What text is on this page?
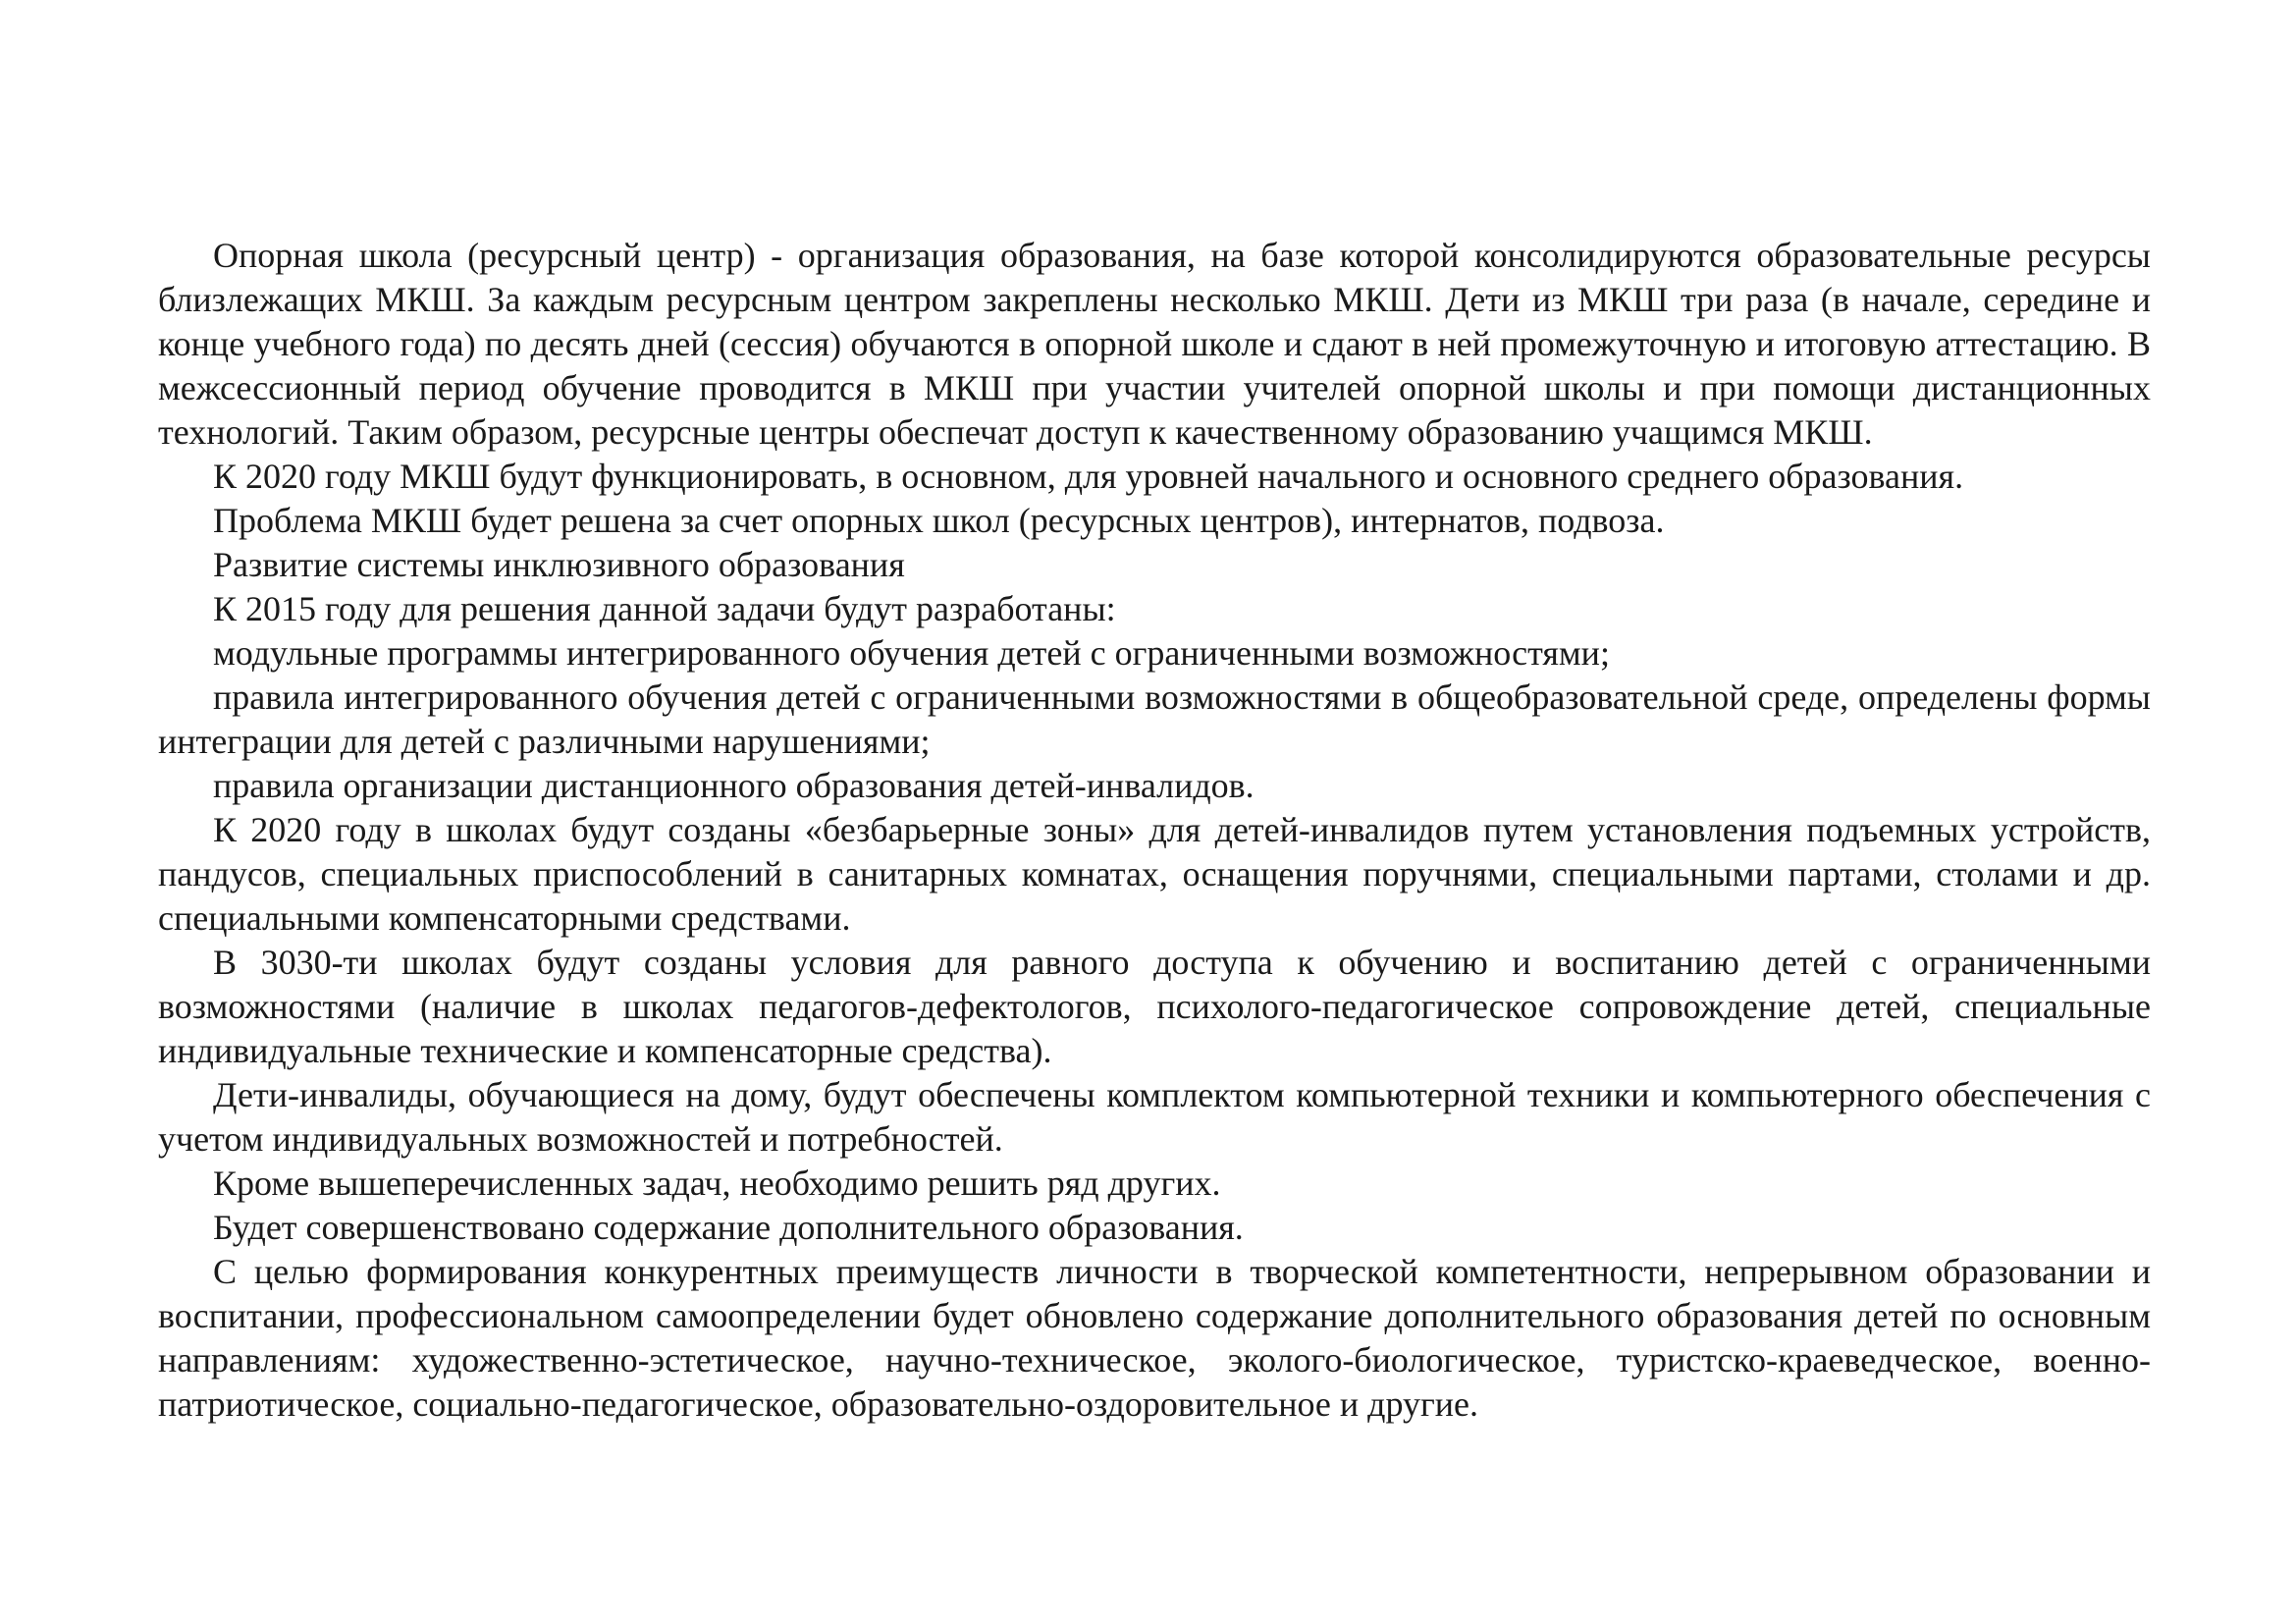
Опорная школа (ресурсный центр) - организация образования, на базе которой консолидируются образовательные ресурсы близлежащих МКШ. За каждым ресурсным центром закреплены несколько МКШ. Дети из МКШ три раза (в начале, середине и конце учебного года) по десять дней (сессия) обучаются в опорной школе и сдают в ней промежуточную и итоговую аттестацию. В межсессионный период обучение проводится в МКШ при участии учителей опорной школы и при помощи дистанционных технологий. Таким образом, ресурсные центры обеспечат доступ к качественному образованию учащимся МКШ.

К 2020 году МКШ будут функционировать, в основном, для уровней начального и основного среднего образования.

Проблема МКШ будет решена за счет опорных школ (ресурсных центров), интернатов, подвоза.

Развитие системы инклюзивного образования

К 2015 году для решения данной задачи будут разработаны:

модульные программы интегрированного обучения детей с ограниченными возможностями;

правила интегрированного обучения детей с ограниченными возможностями в общеобразовательной среде, определены формы интеграции для детей с различными нарушениями;

правила организации дистанционного образования детей-инвалидов.

К 2020 году в школах будут созданы «безбарьерные зоны» для детей-инвалидов путем установления подъемных устройств, пандусов, специальных приспособлений в санитарных комнатах, оснащения поручнями, специальными партами, столами и др. специальными компенсаторными средствами.

В 3030-ти школах будут созданы условия для равного доступа к обучению и воспитанию детей с ограниченными возможностями (наличие в школах педагогов-дефектологов, психолого-педагогическое сопровождение детей, специальные индивидуальные технические и компенсаторные средства).

Дети-инвалиды, обучающиеся на дому, будут обеспечены комплектом компьютерной техники и компьютерного обеспечения с учетом индивидуальных возможностей и потребностей.

Кроме вышеперечисленных задач, необходимо решить ряд других.

Будет совершенствовано содержание дополнительного образования.

С целью формирования конкурентных преимуществ личности в творческой компетентности, непрерывном образовании и воспитании, профессиональном самоопределении будет обновлено содержание дополнительного образования детей по основным направлениям: художественно-эстетическое, научно-техническое, эколого-биологическое, туристско-краеведческое, военно-патриотическое, социально-педагогическое, образовательно-оздоровительное и другие.
